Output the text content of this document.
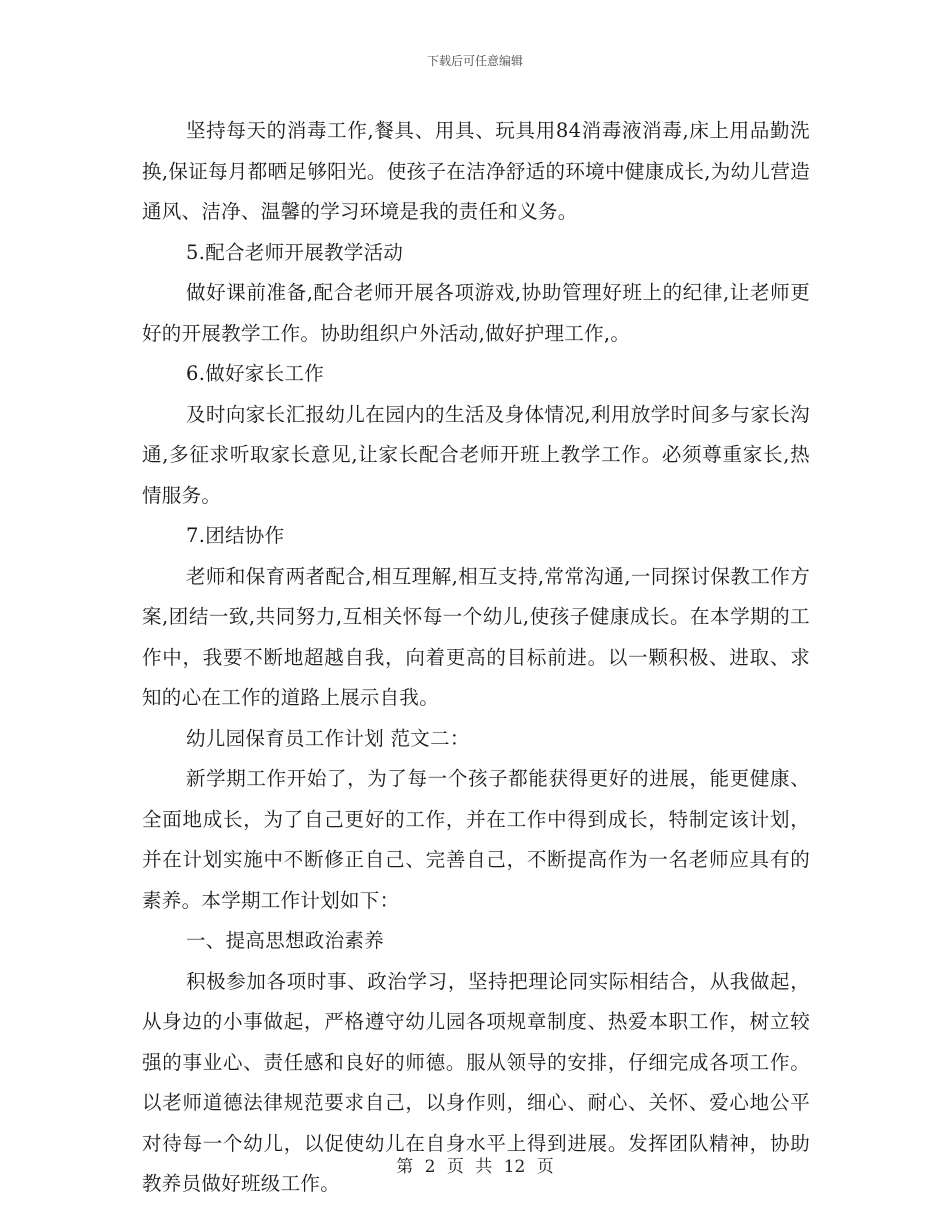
下载后可任意编辑

坚持每天的消毒工作,餐具、用具、玩具用84消毒液消毒,床上用品勤洗换,保证每月都晒足够阳光。使孩子在洁净舒适的环境中健康成长,为幼儿营造通风、洁净、温馨的学习环境是我的责任和义务。

5.配合老师开展教学活动

做好课前准备,配合老师开展各项游戏,协助管理好班上的纪律,让老师更好的开展教学工作。协助组织户外活动,做好护理工作,。

6.做好家长工作

及时向家长汇报幼儿在园内的生活及身体情况,利用放学时间多与家长沟通,多征求听取家长意见,让家长配合老师开班上教学工作。必须尊重家长,热情服务。

7.团结协作

老师和保育两者配合,相互理解,相互支持,常常沟通,一同探讨保教工作方案,团结一致,共同努力,互相关怀每一个幼儿,使孩子健康成长。在本学期的工作中，我要不断地超越自我，向着更高的目标前进。以一颗积极、进取、求知的心在工作的道路上展示自我。

幼儿园保育员工作计划 范文二：

新学期工作开始了，为了每一个孩子都能获得更好的进展，能更健康、全面地成长，为了自己更好的工作，并在工作中得到成长，特制定该计划，并在计划实施中不断修正自己、完善自己，不断提高作为一名老师应具有的素养。本学期工作计划如下：

一、提高思想政治素养

积极参加各项时事、政治学习，坚持把理论同实际相结合，从我做起，从身边的小事做起，严格遵守幼儿园各项规章制度、热爱本职工作，树立较强的事业心、责任感和良好的师德。服从领导的安排，仔细完成各项工作。以老师道德法律规范要求自己，以身作则，细心、耐心、关怀、爱心地公平对待每一个幼儿，以促使幼儿在自身水平上得到进展。发挥团队精神，协助教养员做好班级工作。

第 2 页 共 12 页
